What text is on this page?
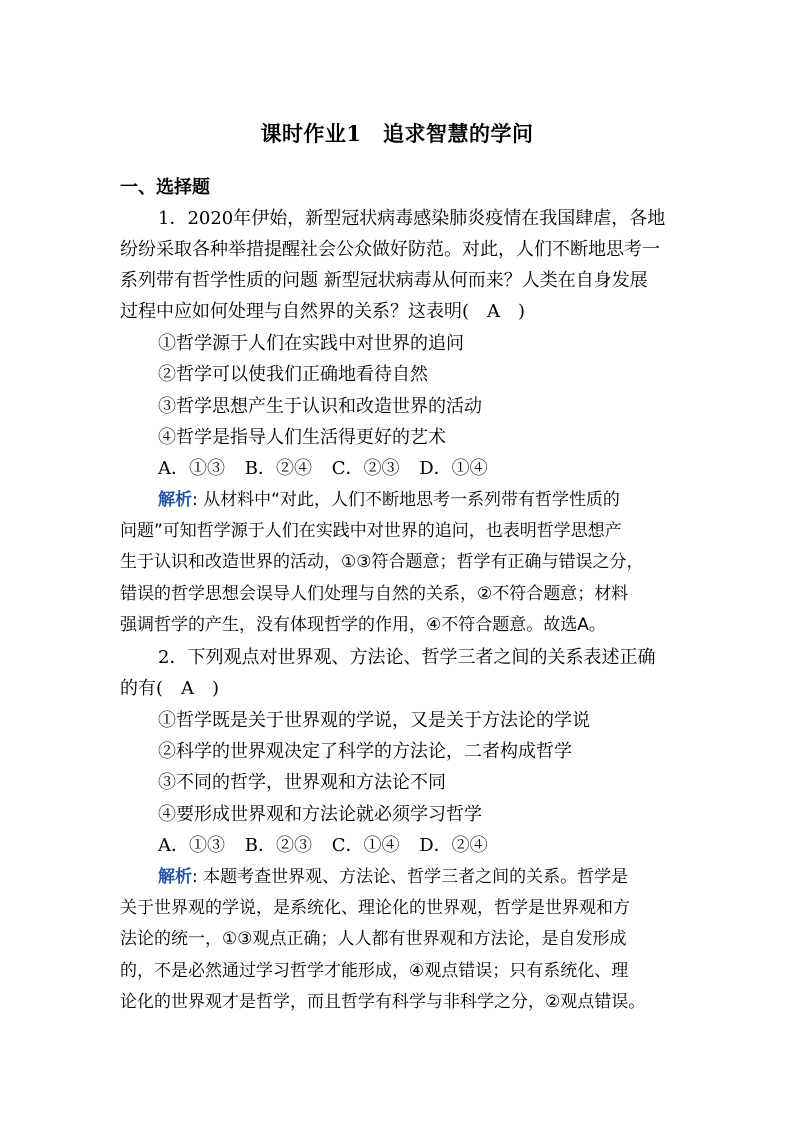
课时作业1　追求智慧的学问
一、选择题
1．2020年伊始，新型冠状病毒感染肺炎疫情在我国肆虐，各地
纷纷采取各种举措提醒社会公众做好防范。对此，人们不断地思考一
系列带有哲学性质的问题 新型冠状病毒从何而来？人类在自身发展
过程中应如何处理与自然界的关系？这表明(　A　)
①哲学源于人们在实践中对世界的追问
②哲学可以使我们正确地看待自然
③哲学思想产生于认识和改造世界的活动
④哲学是指导人们生活得更好的艺术
A．①③ B．②④ C．②③ D．①④
解析: 从材料中“对此，人们不断地思考一系列带有哲学性质的
问题”可知哲学源于人们在实践中对世界的追问，也表明哲学思想产
生于认识和改造世界的活动，①③符合题意；哲学有正确与错误之分，
错误的哲学思想会误导人们处理与自然的关系，②不符合题意；材料
强调哲学的产生，没有体现哲学的作用，④不符合题意。故选A。
2．下列观点对世界观、方法论、哲学三者之间的关系表述正确
的有(　A　)
①哲学既是关于世界观的学说，又是关于方法论的学说
②科学的世界观决定了科学的方法论，二者构成哲学
③不同的哲学，世界观和方法论不同
④要形成世界观和方法论就必须学习哲学
A．①③ B．②③ C．①④ D．②④
解析: 本题考查世界观、方法论、哲学三者之间的关系。哲学是
关于世界观的学说，是系统化、理论化的世界观，哲学是世界观和方
法论的统一，①③观点正确；人人都有世界观和方法论，是自发形成
的，不是必然通过学习哲学才能形成，④观点错误；只有系统化、理
论化的世界观才是哲学，而且哲学有科学与非科学之分，②观点错误。
